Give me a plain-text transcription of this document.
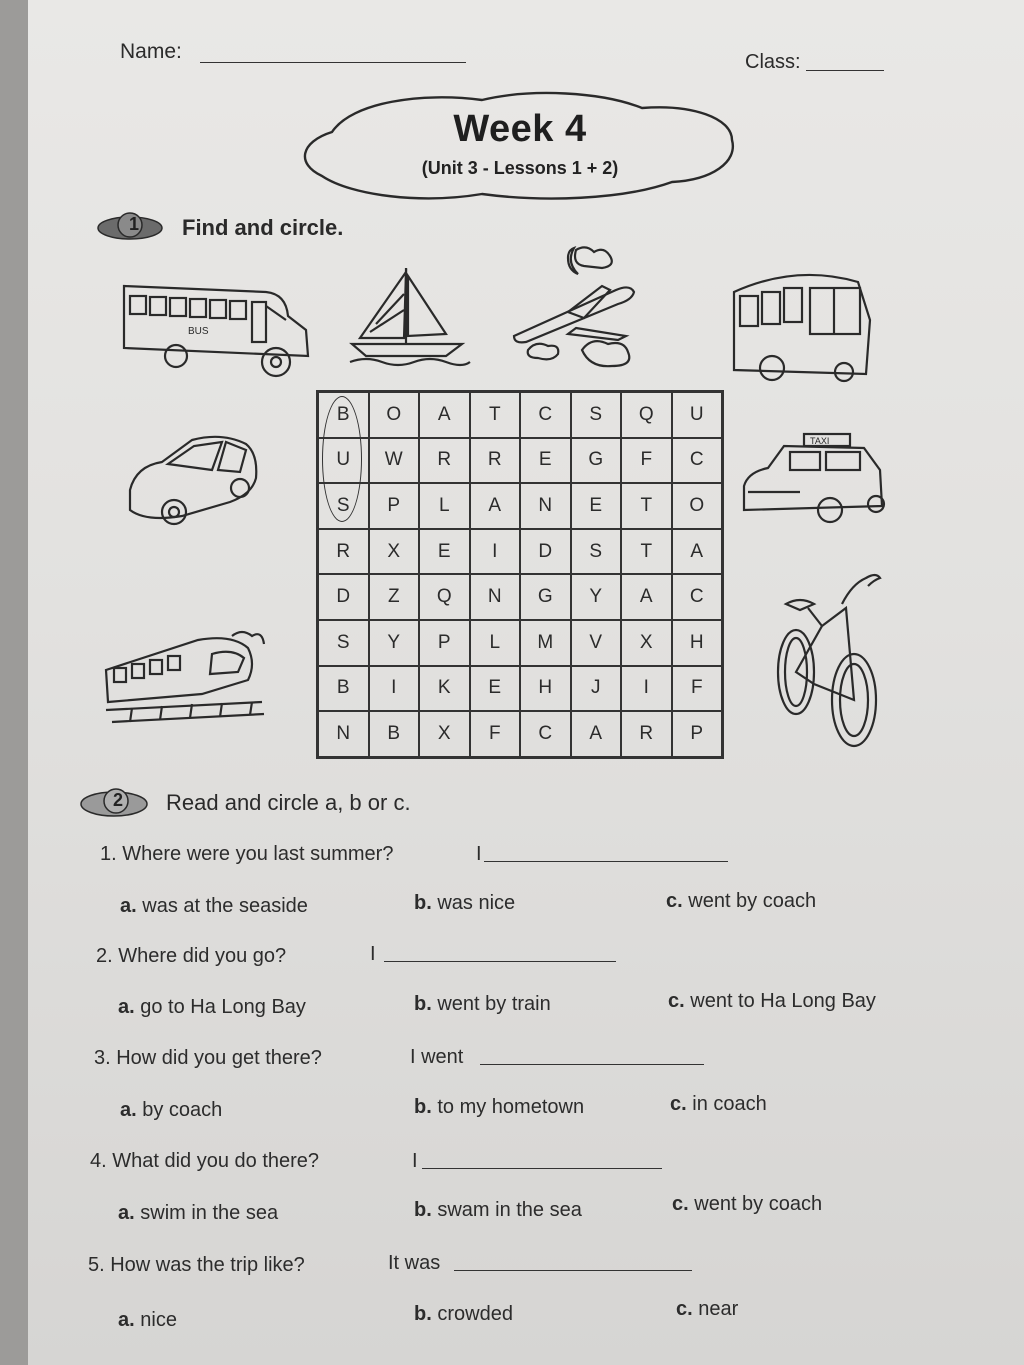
Name:	Class:
Week 4
(Unit 3 - Lessons 1 + 2)
1	Find and circle.
BUS
TAXI
B	O	A	T	C	S	Q	U
U	W	R	R	E	G	F	C
S	P	L	A	N	E	T	O
R	X	E	I	D	S	T	A
D	Z	Q	N	G	Y	A	C
S	Y	P	L	M	V	X	H
B	I	K	E	H	J	I	F
N	B	X	F	C	A	R	P
2	Read and circle a, b or c.
1. Where were you last summer?	I
a. was at the seaside	b. was nice	c. went by coach
2. Where did you go?	I
a. go to Ha Long Bay	b. went by train	c. went to Ha Long Bay
3. How did you get there?	I went
a. by coach	b. to my hometown	c. in coach
4. What did you do there?	I
a. swim in the sea	b. swam in the sea	c. went by coach
5. How was the trip like?	It was
a. nice	b. crowded	c. near
